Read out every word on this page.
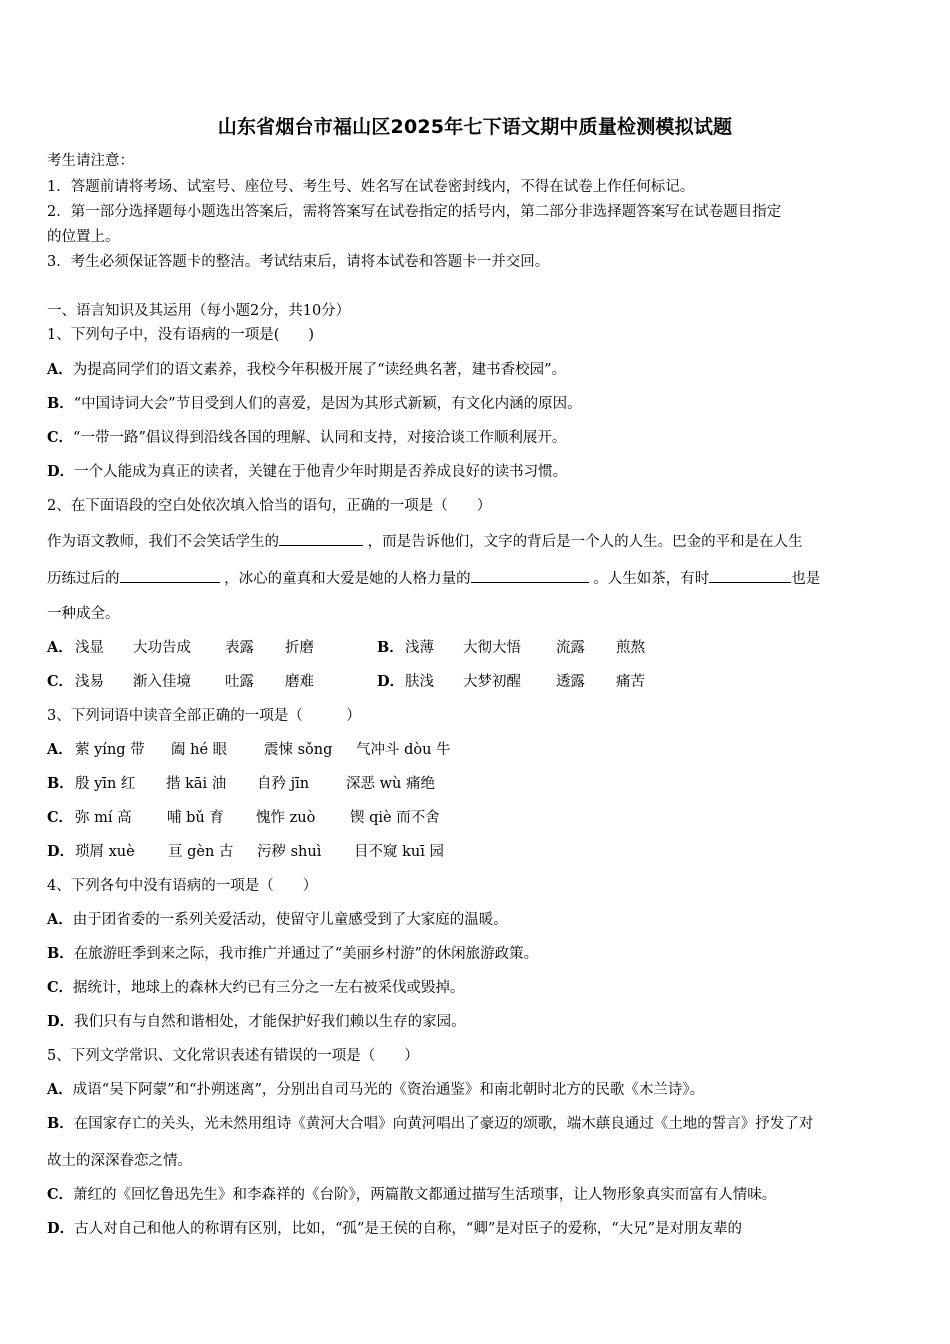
山东省烟台市福山区2025年七下语文期中质量检测模拟试题
考生请注意：
1．答题前请将考场、试室号、座位号、考生号、姓名写在试卷密封线内，不得在试卷上作任何标记。
2．第一部分选择题每小题选出答案后，需将答案写在试卷指定的括号内，第二部分非选择题答案写在试卷题目指定
的位置上。
3．考生必须保证答题卡的整洁。考试结束后，请将本试卷和答题卡一并交回。
一、语言知识及其运用（每小题2分，共10分）
1、下列句子中，没有语病的一项是(　　)
A．为提高同学们的语文素养，我校今年积极开展了“读经典名著，建书香校园”。
B．“中国诗词大会”节目受到人们的喜爱，是因为其形式新颖，有文化内涵的原因。
C．“一带一路”倡议得到沿线各国的理解、认同和支持，对接洽谈工作顺利展开。
D．一个人能成为真正的读者，关键在于他青少年时期是否养成良好的读书习惯。
2、在下面语段的空白处依次填入恰当的语句，正确的一项是（　　）
作为语文教师，我们不会笑话学生的	，而是告诉他们，文字的背后是一个人的人生。巴金的平和是在人生
历练过后的	，冰心的童真和大爱是她的人格力量的	。人生如茶，有时	也是
一种成全。
A． 浅显 大功告成 表露 折磨	B．浅薄 大彻大悟 流露 煎熬
C． 浅易 渐入佳境 吐露 磨难	D．肤浅 大梦初醒 透露 痛苦
3、下列词语中读音全部正确的一项是（　　　）
A． 萦 yíng 带 阖 hé 眼	震悚 sǒng 气冲斗 dòu 牛
B．殷 yīn 红 揩 kāi 油 自矜 jīn	深恶 wù 痛绝
C． 弥 mí 高 哺 bǔ 育 愧怍 zuò 锲 qiè 而不舍
D．琐屑 xuè 亘 gèn 古 污秽 shuì 目不窥 kuī 园
4、下列各句中没有语病的一项是（　　）
A．由于团省委的一系列关爱活动，使留守儿童感受到了大家庭的温暖。
B．在旅游旺季到来之际，我市推广并通过了“美丽乡村游”的休闲旅游政策。
C．据统计，地球上的森林大约已有三分之一左右被采伐或毁掉。
D．我们只有与自然和谐相处，才能保护好我们赖以生存的家园。
5、下列文学常识、文化常识表述有错误的一项是（　　）
A．成语“吴下阿蒙”和“扑朔迷离”，分别出自司马光的《资治通鉴》和南北朝时北方的民歌《木兰诗》。
B．在国家存亡的关头，光未然用组诗《黄河大合唱》向黄河唱出了豪迈的颂歌，端木蕻良通过《土地的誓言》抒发了对
故土的深深眷恋之情。
C．萧红的《回忆鲁迅先生》和李森祥的《台阶》，两篇散文都通过描写生活琐事，让人物形象真实而富有人情味。
D．古人对自己和他人的称谓有区别，比如，“孤”是王侯的自称，“卿”是对臣子的爱称，“大兄”是对朋友辈的
